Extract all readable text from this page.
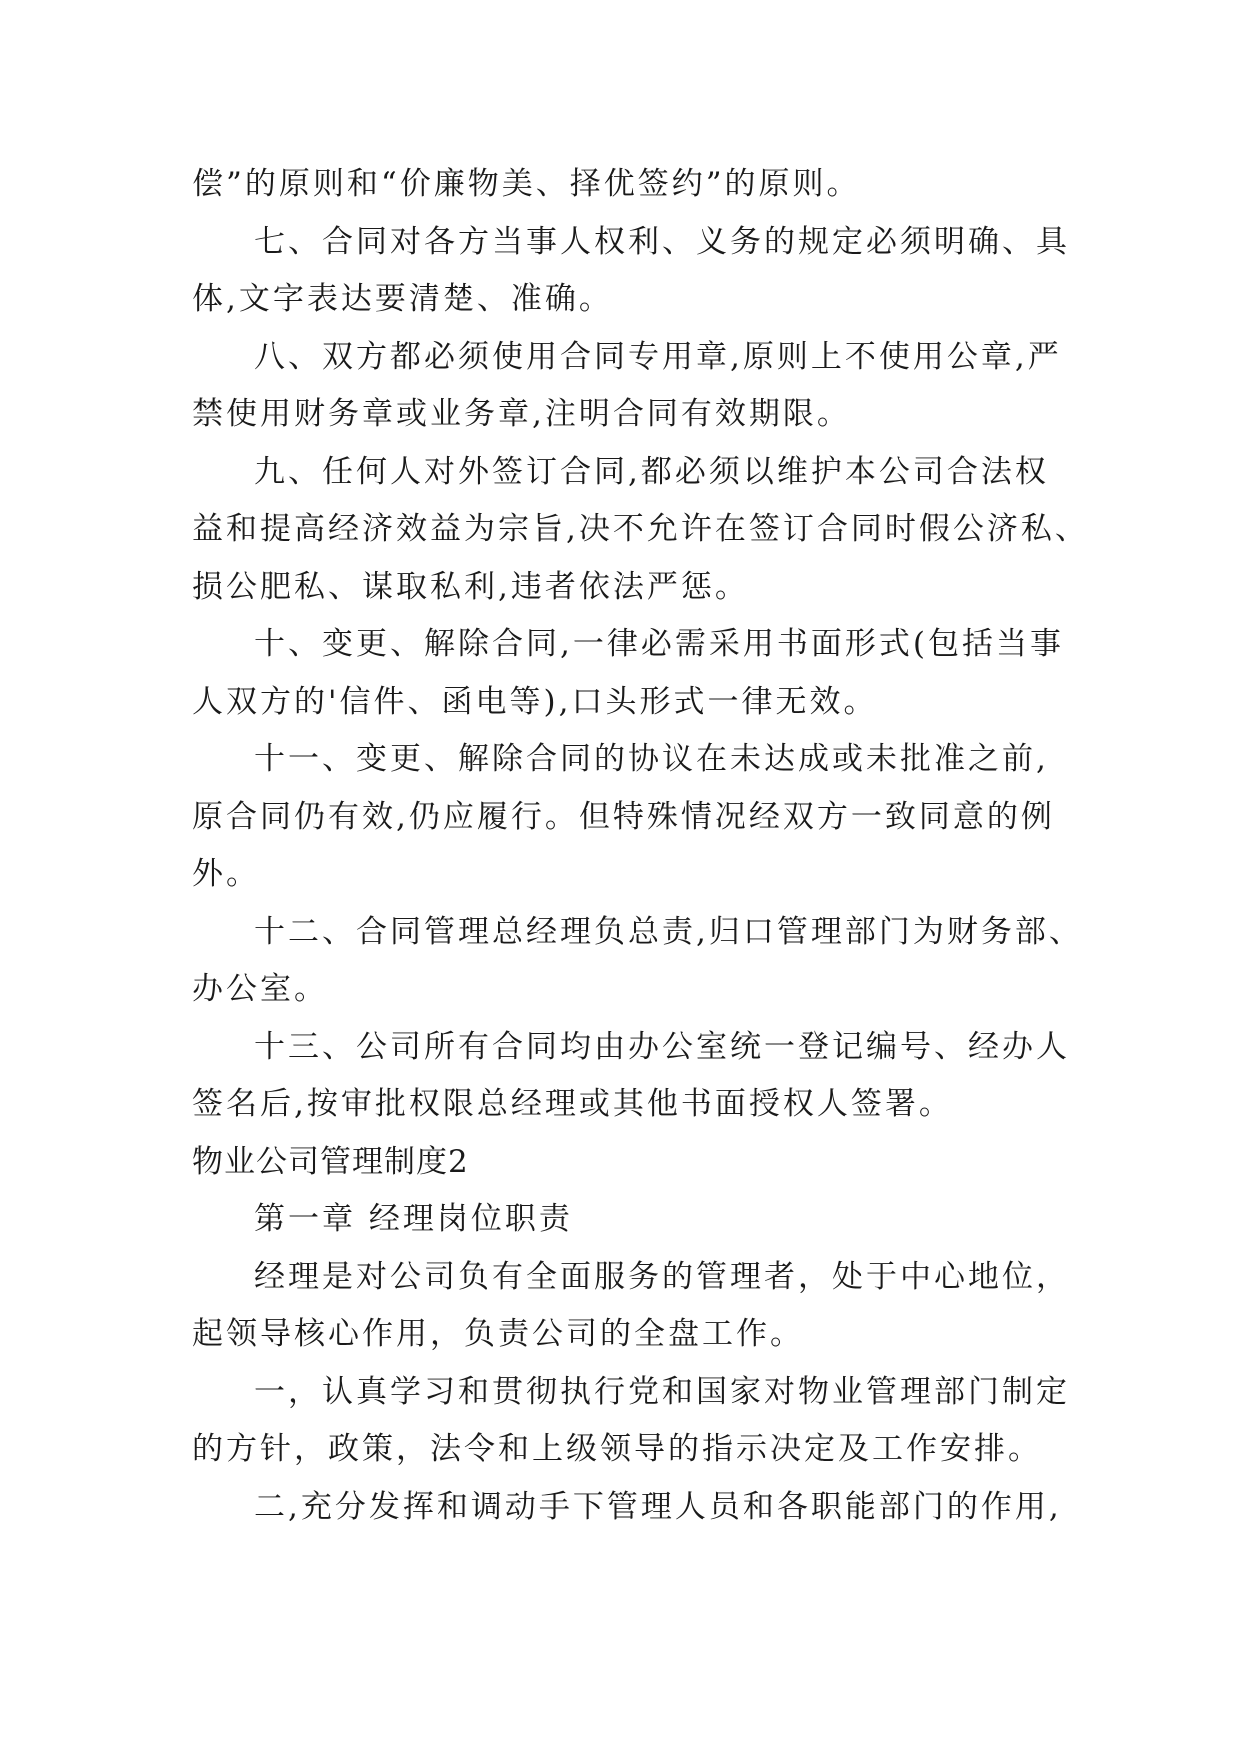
偿”的原则和“价廉物美、择优签约”的原则。
七、合同对各方当事人权利、义务的规定必须明确、具
体,文字表达要清楚、准确。
八、双方都必须使用合同专用章,原则上不使用公章,严
禁使用财务章或业务章,注明合同有效期限。
九、任何人对外签订合同,都必须以维护本公司合法权
益和提高经济效益为宗旨,决不允许在签订合同时假公济私、
损公肥私、谋取私利,违者依法严惩。
十、变更、解除合同,一律必需采用书面形式(包括当事
人双方的'信件、函电等),口头形式一律无效。
十一、变更、解除合同的协议在未达成或未批准之前,
原合同仍有效,仍应履行。但特殊情况经双方一致同意的例
外。
十二、合同管理总经理负总责,归口管理部门为财务部、
办公室。
十三、公司所有合同均由办公室统一登记编号、经办人
签名后,按审批权限总经理或其他书面授权人签署。
物业公司管理制度2
第一章 经理岗位职责
经理是对公司负有全面服务的管理者，处于中心地位，
起领导核心作用，负责公司的全盘工作。
一，认真学习和贯彻执行党和国家对物业管理部门制定
的方针，政策，法令和上级领导的指示决定及工作安排。
二,充分发挥和调动手下管理人员和各职能部门的作用,
